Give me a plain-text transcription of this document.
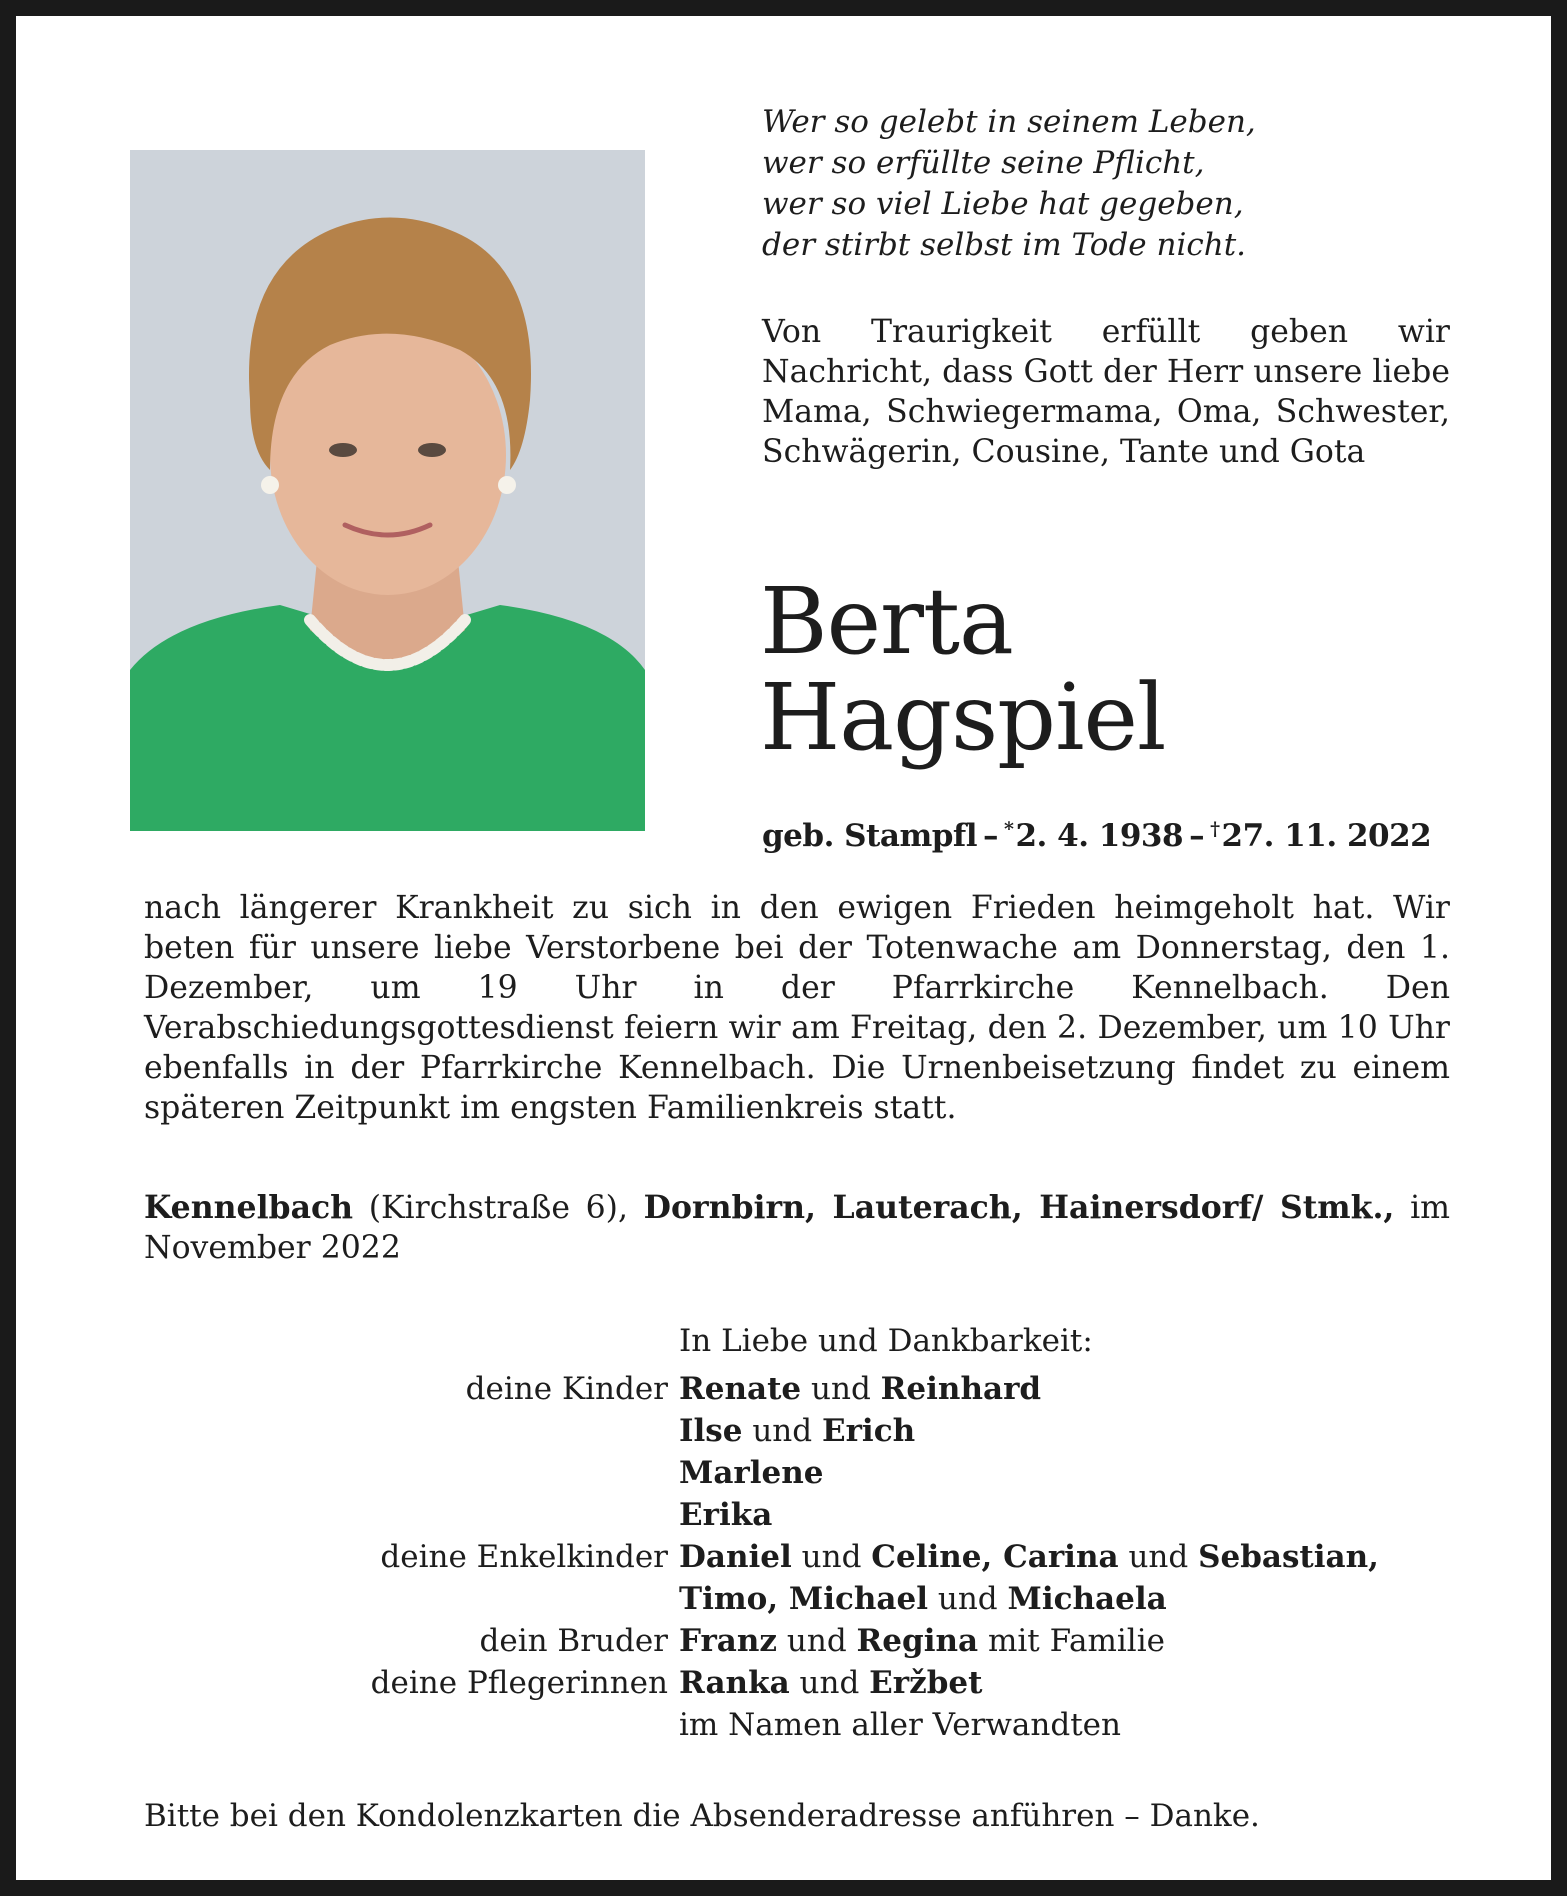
Wer so gelebt in seinem Leben,
wer so erfüllte seine Pflicht,
wer so viel Liebe hat gegeben,
der stirbt selbst im Tode nicht.

Von Traurigkeit erfüllt geben wir Nachricht, dass Gott der Herr unsere liebe Mama, Schwiegermama, Oma, Schwester, Schwägerin, Cousine, Tante und Gota

Berta
Hagspiel
geb. Stampfl – *2. 4. 1938 – †27. 11. 2022

nach längerer Krankheit zu sich in den ewigen Frieden heimgeholt hat. Wir beten für unsere liebe Verstorbene bei der Totenwache am Donnerstag, den 1. Dezember, um 19 Uhr in der Pfarrkirche Kennelbach. Den Verabschiedungsgottesdienst feiern wir am Freitag, den 2. Dezember, um 10 Uhr ebenfalls in der Pfarrkirche Kennelbach. Die Urnenbeisetzung findet zu einem späteren Zeitpunkt im engsten Familienkreis statt.

Kennelbach (Kirchstraße 6), Dornbirn, Lauterach, Hainersdorf/ Stmk., im November 2022

In Liebe und Dankbarkeit:
deine Kinder Renate und Reinhard
Ilse und Erich
Marlene
Erika
deine Enkelkinder Daniel und Celine, Carina und Sebastian,
Timo, Michael und Michaela
dein Bruder Franz und Regina mit Familie
deine Pflegerinnen Ranka und Eržbet
im Namen aller Verwandten

Bitte bei den Kondolenzkarten die Absenderadresse anführen – Danke.
